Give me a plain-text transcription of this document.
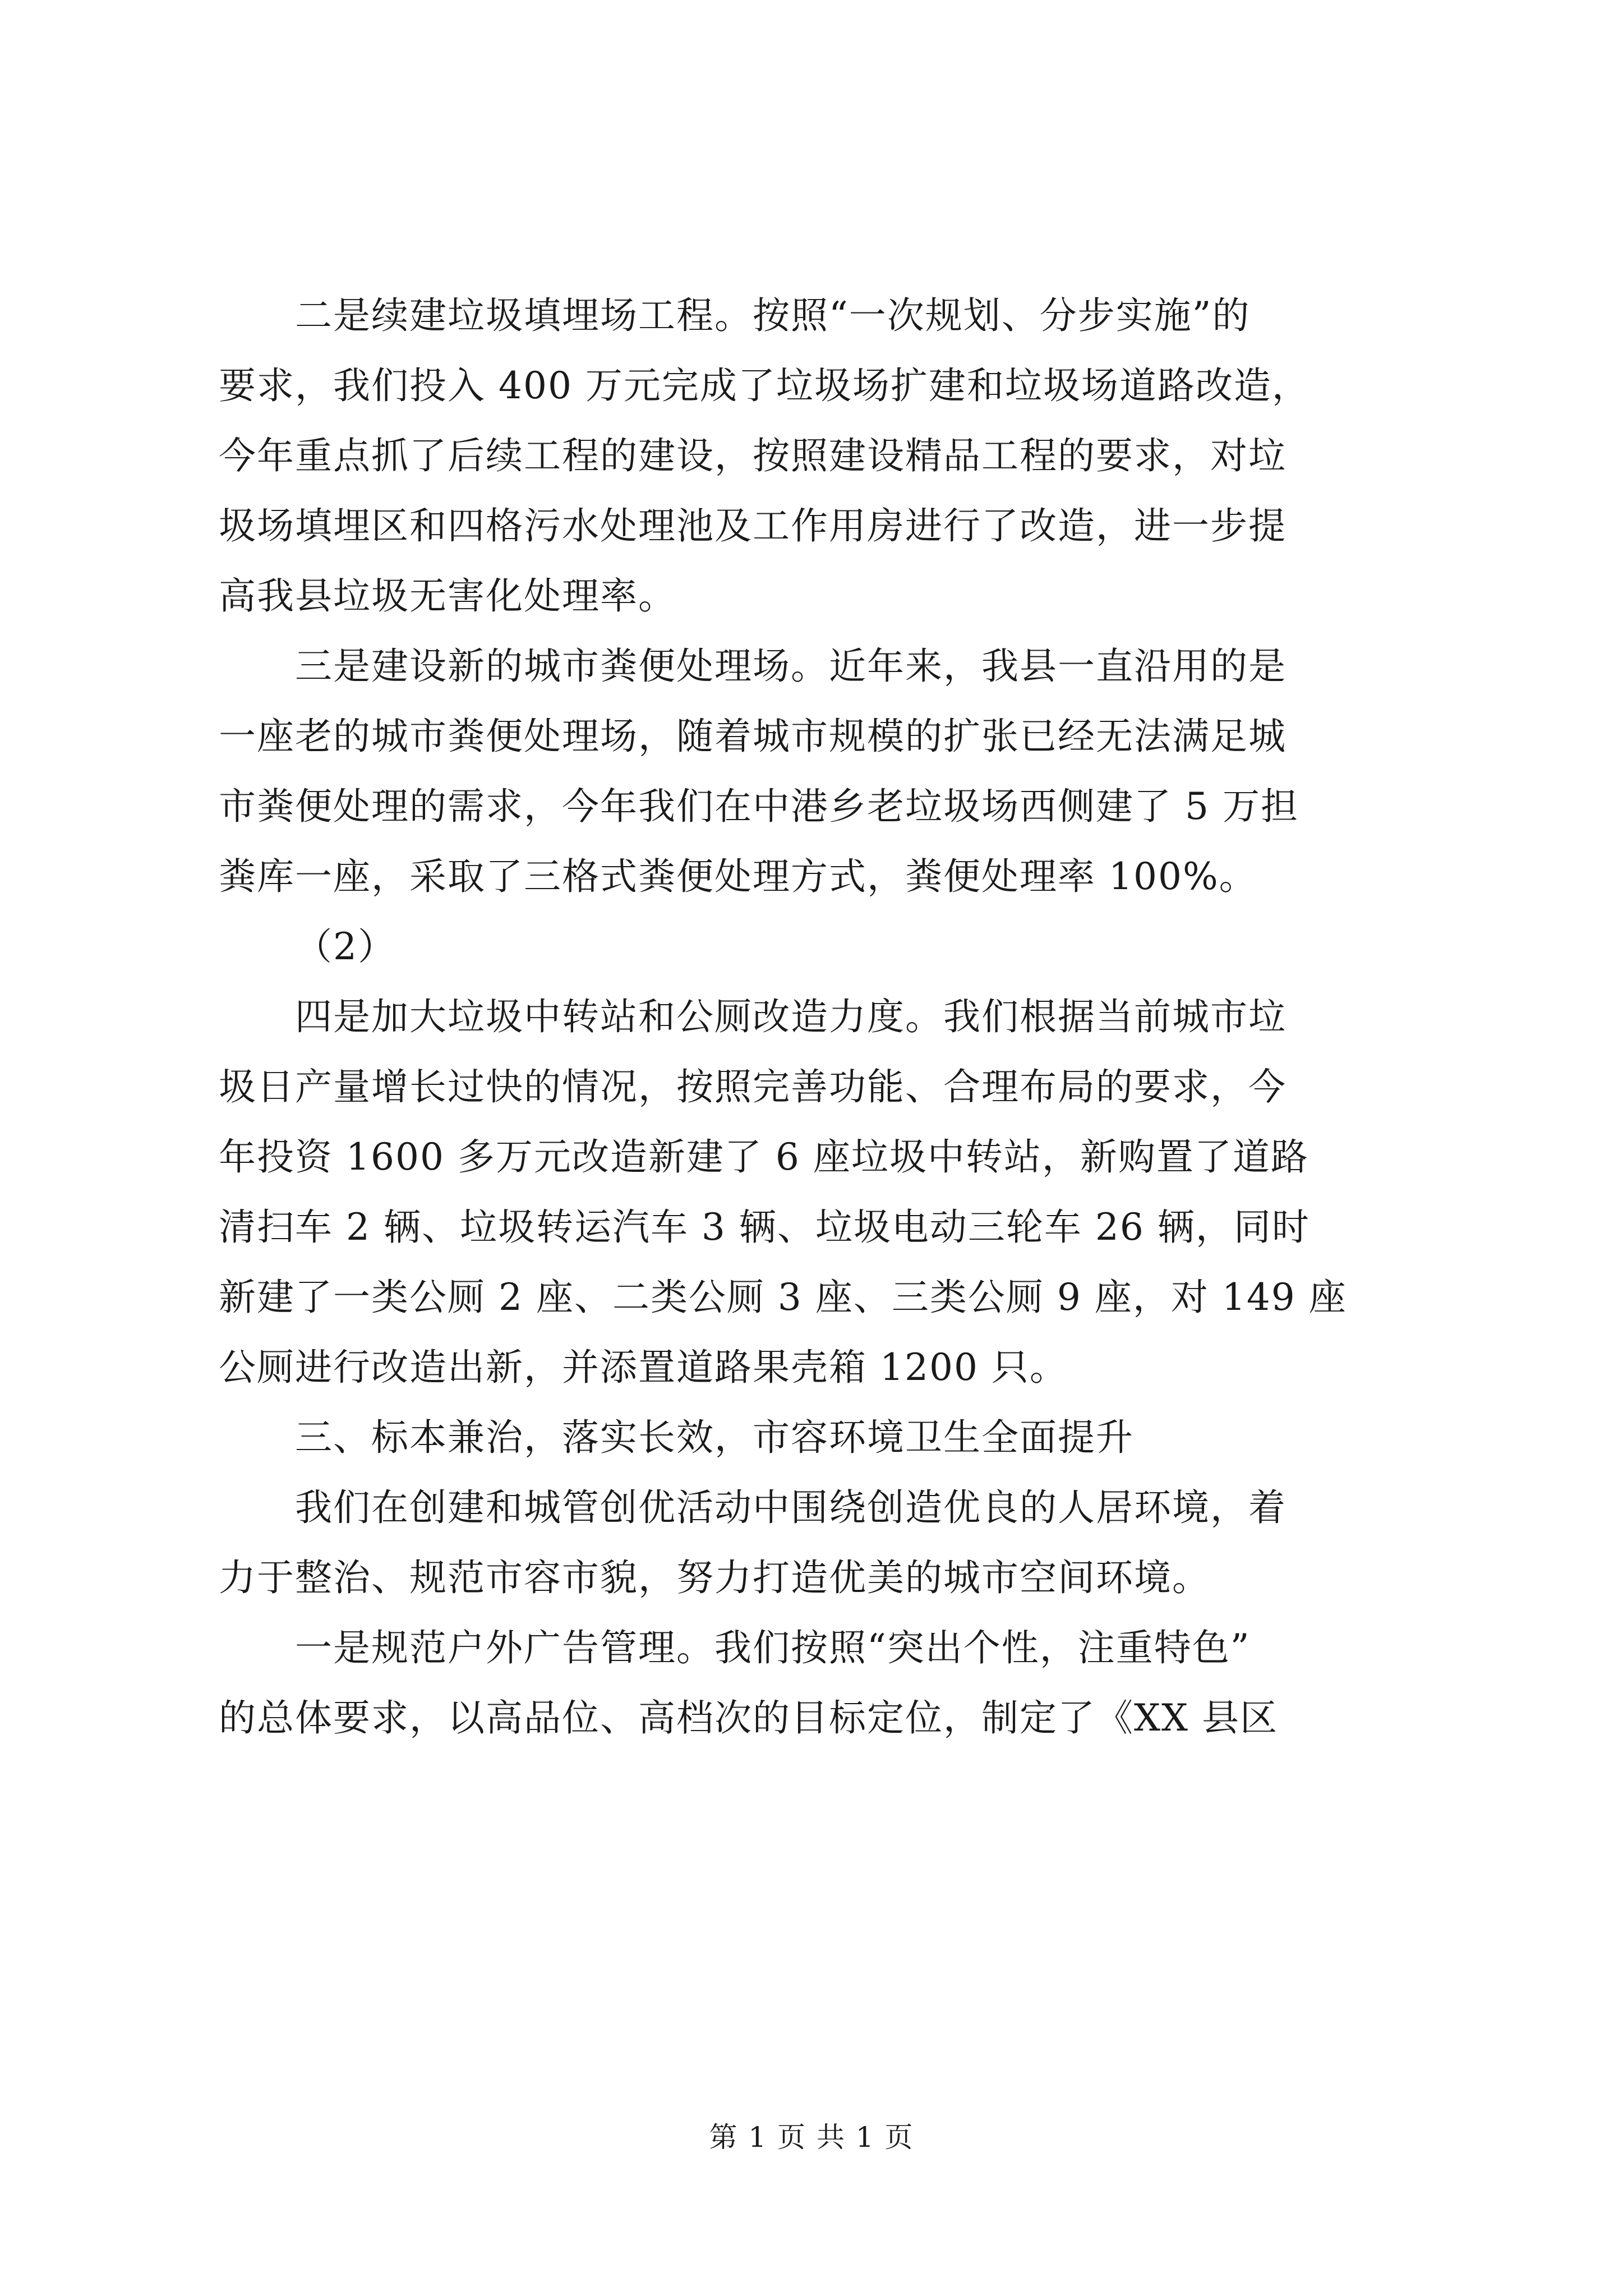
二是续建垃圾填埋场工程。按照“一次规划、分步实施”的
要求，我们投入 400 万元完成了垃圾场扩建和垃圾场道路改造，
今年重点抓了后续工程的建设，按照建设精品工程的要求，对垃
圾场填埋区和四格污水处理池及工作用房进行了改造，进一步提
高我县垃圾无害化处理率。
三是建设新的城市粪便处理场。近年来，我县一直沿用的是
一座老的城市粪便处理场，随着城市规模的扩张已经无法满足城
市粪便处理的需求，今年我们在中港乡老垃圾场西侧建了 5 万担
粪库一座，采取了三格式粪便处理方式，粪便处理率 100%。
（2）
四是加大垃圾中转站和公厕改造力度。我们根据当前城市垃
圾日产量增长过快的情况，按照完善功能、合理布局的要求，今
年投资 1600 多万元改造新建了 6 座垃圾中转站，新购置了道路
清扫车 2 辆、垃圾转运汽车 3 辆、垃圾电动三轮车 26 辆，同时
新建了一类公厕 2 座、二类公厕 3 座、三类公厕 9 座，对 149 座
公厕进行改造出新，并添置道路果壳箱 1200 只。
三、标本兼治，落实长效，市容环境卫生全面提升
我们在创建和城管创优活动中围绕创造优良的人居环境，着
力于整治、规范市容市貌，努力打造优美的城市空间环境。
一是规范户外广告管理。我们按照“突出个性，注重特色”
的总体要求，以高品位、高档次的目标定位，制定了《XX 县区
第 1 页 共 1 页
